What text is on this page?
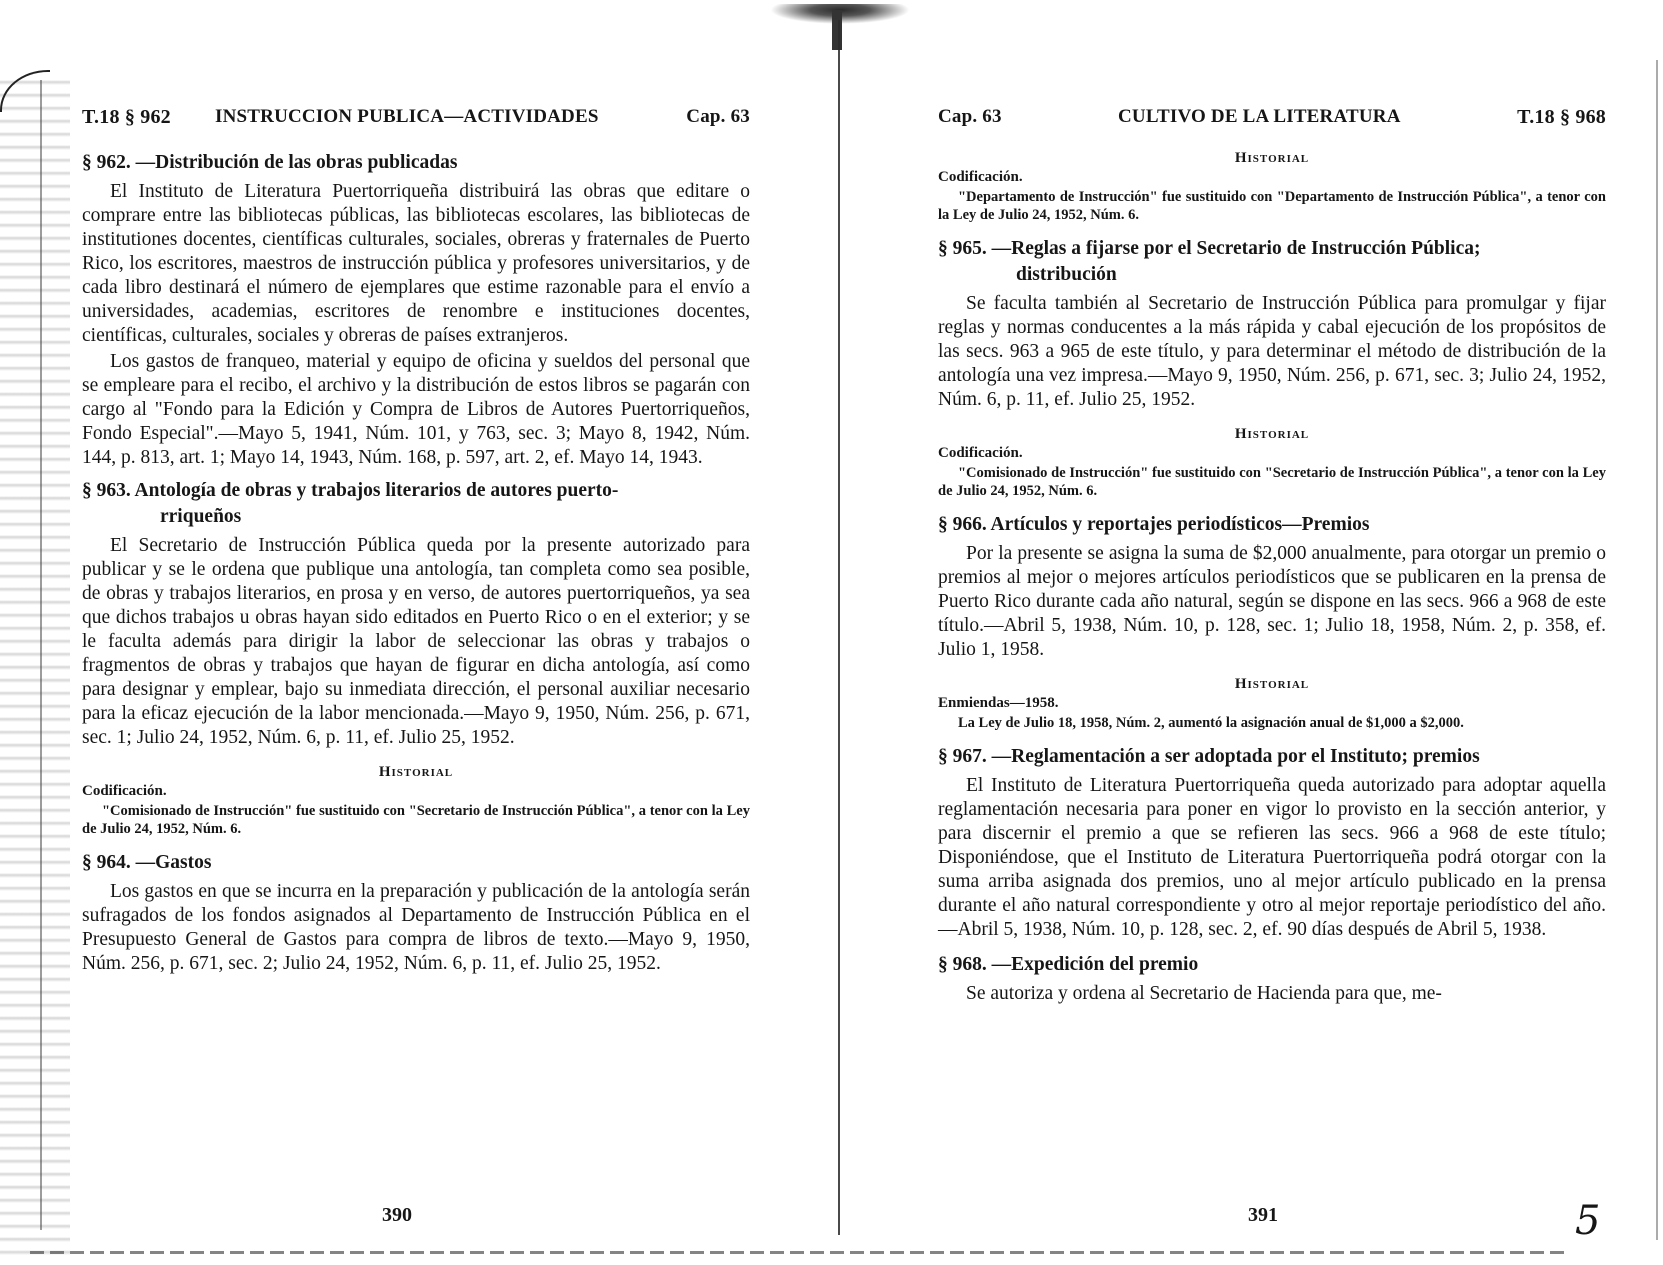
T.18 § 962 INSTRUCCION PUBLICA—ACTIVIDADES	Cap. 63
§ 962. —Distribución de las obras publicadas

El Instituto de Literatura Puertorriqueña distribuirá las obras que editare o comprare entre las bibliotecas públicas, las bibliotecas escolares, las bibliotecas de institutiones docentes, científicas culturales, sociales, obreras y fraternales de Puerto Rico, los escritores, maestros de instrucción pública y profesores universitarios, y de cada libro destinará el número de ejemplares que estime razonable para el envío a universidades, academias, escritores de renombre e instituciones docentes, científicas, culturales, sociales y obreras de países extranjeros.

Los gastos de franqueo, material y equipo de oficina y sueldos del personal que se empleare para el recibo, el archivo y la distribución de estos libros se pagarán con cargo al "Fondo para la Edición y Compra de Libros de Autores Puertorriqueños, Fondo Especial".—Mayo 5, 1941, Núm. 101, y 763, sec. 3; Mayo 8, 1942, Núm. 144, p. 813, art. 1; Mayo 14, 1943, Núm. 168, p. 597, art. 2, ef. Mayo 14, 1943.

§ 963. Antología de obras y trabajos literarios de autores puerto-
rriqueños

El Secretario de Instrucción Pública queda por la presente autorizado para publicar y se le ordena que publique una antología, tan completa como sea posible, de obras y trabajos literarios, en prosa y en verso, de autores puertorriqueños, ya sea que dichos trabajos u obras hayan sido editados en Puerto Rico o en el exterior; y se le faculta además para dirigir la labor de seleccionar las obras y trabajos o fragmentos de obras y trabajos que hayan de figurar en dicha antología, así como para designar y emplear, bajo su inmediata dirección, el personal auxiliar necesario para la eficaz ejecución de la labor mencionada.—Mayo 9, 1950, Núm. 256, p. 671, sec. 1; Julio 24, 1952, Núm. 6, p. 11, ef. Julio 25, 1952.

Historial
Codificación.

"Comisionado de Instrucción" fue sustituido con "Secretario de Instrucción Pública", a tenor con la Ley de Julio 24, 1952, Núm. 6.

§ 964. —Gastos

Los gastos en que se incurra en la preparación y publicación de la antología serán sufragados de los fondos asignados al Departamento de Instrucción Pública en el Presupuesto General de Gastos para compra de libros de texto.—Mayo 9, 1950, Núm. 256, p. 671, sec. 2; Julio 24, 1952, Núm. 6, p. 11, ef. Julio 25, 1952.

390
Cap. 63	CULTIVO DE LA LITERATURA	T.18 § 968
Historial
Codificación.

"Departamento de Instrucción" fue sustituido con "Departamento de Instrucción Pública", a tenor con la Ley de Julio 24, 1952, Núm. 6.

§ 965. —Reglas a fijarse por el Secretario de Instrucción Pública;
distribución

Se faculta también al Secretario de Instrucción Pública para promulgar y fijar reglas y normas conducentes a la más rápida y cabal ejecución de los propósitos de las secs. 963 a 965 de este título, y para determinar el método de distribución de la antología una vez impresa.—Mayo 9, 1950, Núm. 256, p. 671, sec. 3; Julio 24, 1952, Núm. 6, p. 11, ef. Julio 25, 1952.

Historial
Codificación.

"Comisionado de Instrucción" fue sustituido con "Secretario de Instrucción Pública", a tenor con la Ley de Julio 24, 1952, Núm. 6.

§ 966. Artículos y reportajes periodísticos—Premios

Por la presente se asigna la suma de $2,000 anualmente, para otorgar un premio o premios al mejor o mejores artículos periodísticos que se publicaren en la prensa de Puerto Rico durante cada año natural, según se dispone en las secs. 966 a 968 de este título.—Abril 5, 1938, Núm. 10, p. 128, sec. 1; Julio 18, 1958, Núm. 2, p. 358, ef. Julio 1, 1958.

Historial
Enmiendas—1958.

La Ley de Julio 18, 1958, Núm. 2, aumentó la asignación anual de $1,000 a $2,000.

§ 967. —Reglamentación a ser adoptada por el Instituto; premios

El Instituto de Literatura Puertorriqueña queda autorizado para adoptar aquella reglamentación necesaria para poner en vigor lo provisto en la sección anterior, y para discernir el premio a que se refieren las secs. 966 a 968 de este título; Disponiéndose, que el Instituto de Literatura Puertorriqueña podrá otorgar con la suma arriba asignada dos premios, uno al mejor artículo publicado en la prensa durante el año natural correspondiente y otro al mejor reportaje periodístico del año.—Abril 5, 1938, Núm. 10, p. 128, sec. 2, ef. 90 días después de Abril 5, 1938.

§ 968. —Expedición del premio

Se autoriza y ordena al Secretario de Hacienda para que, me-

391	5
